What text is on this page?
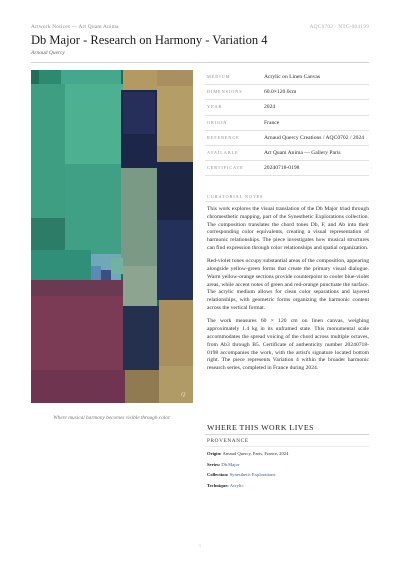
Artwork Notices — Art Quam Anima	AQC0702 · NTC-004199
Db Major - Research on Harmony - Variation 4
Arnaud Quercy
Q
Where musical harmony becomes visible through color.
MEDIUM	Acrylic on Linen Canvas
DIMENSIONS	60.0×120.0cm
YEAR	2024
ORIGIN	France
REFERENCE	Arnaud Quercy Creations / AQC0702 / 2024
AVAILABLE	Art Quam Anima — Gallery Paris
CERTIFICATE	20240718-0198
CURATORIAL NOTES

This work explores the visual translation of the Db Major triad through chromesthetic mapping, part of the Synesthetic Explorations collection. The composition translates the chord tones Db, F, and Ab into their corresponding color equivalents, creating a visual representation of harmonic relationships. The piece investigates how musical structures can find expression through color relationships and spatial organization.

Red-violet tones occupy substantial areas of the composition, appearing alongside yellow-green forms that create the primary visual dialogue. Warm yellow-orange sections provide counterpoint to cooler blue-violet areas, while accent notes of green and red-orange punctuate the surface. The acrylic medium allows for clean color separations and layered relationships, with geometric forms organizing the harmonic content across the vertical format.

The work measures 60 × 120 cm on linen canvas, weighing approximately 1.4 kg in its unframed state. This monumental scale accommodates the spread voicing of the chord across multiple octaves, from Ab3 through B5. Certificate of authenticity number 20240718-0198 accompanies the work, with the artist's signature located bottom right. The piece represents Variation 4 within the broader harmonic research series, completed in France during 2024.

WHERE THIS WORK LIVES
PROVENANCE
Origin: Arnaud Quercy, Paris, France, 2024
Series: Db Major
Collection: Synesthetic Explorations
Technique: Acrylic
1
